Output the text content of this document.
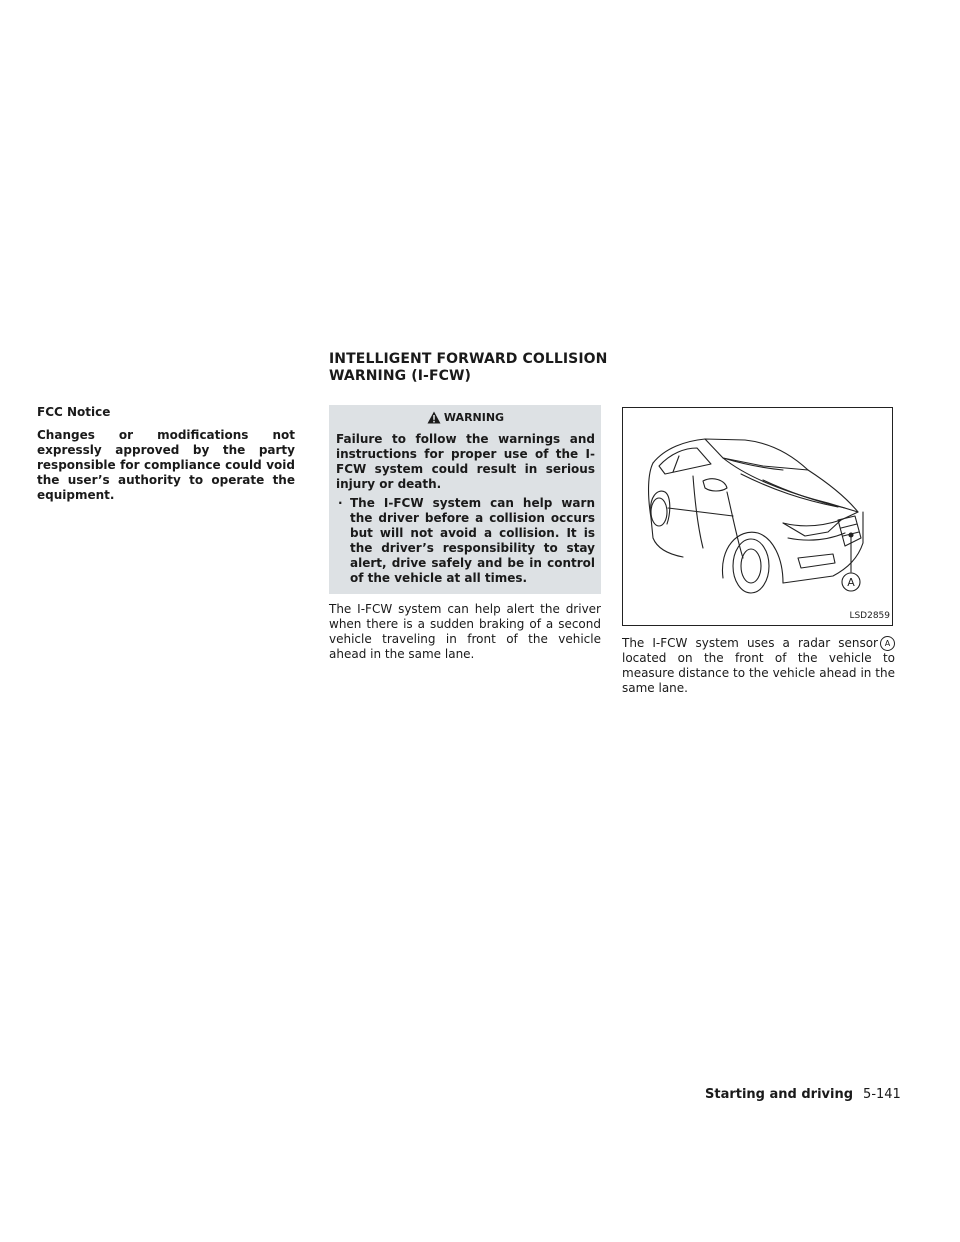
INTELLIGENT FORWARD COLLISION
WARNING (I-FCW)

FCC Notice

Changes or modifications not expressly approved by the party responsible for compliance could void the user’s authority to operate the equipment.

WARNING

Failure to follow the warnings and instructions for proper use of the I-FCW system could result in serious injury or death.

· The I-FCW system can help warn the driver before a collision occurs but will not avoid a collision. It is the driver’s responsibility to stay alert, drive safely and be in control of the vehicle at all times.

The I-FCW system can help alert the driver when there is a sudden braking of a second vehicle traveling in front of the vehicle ahead in the same lane.

A
LSD2859

The I-FCW system uses a radar sensor A located on the front of the vehicle to measure distance to the vehicle ahead in the same lane.

Starting and driving 5-141
